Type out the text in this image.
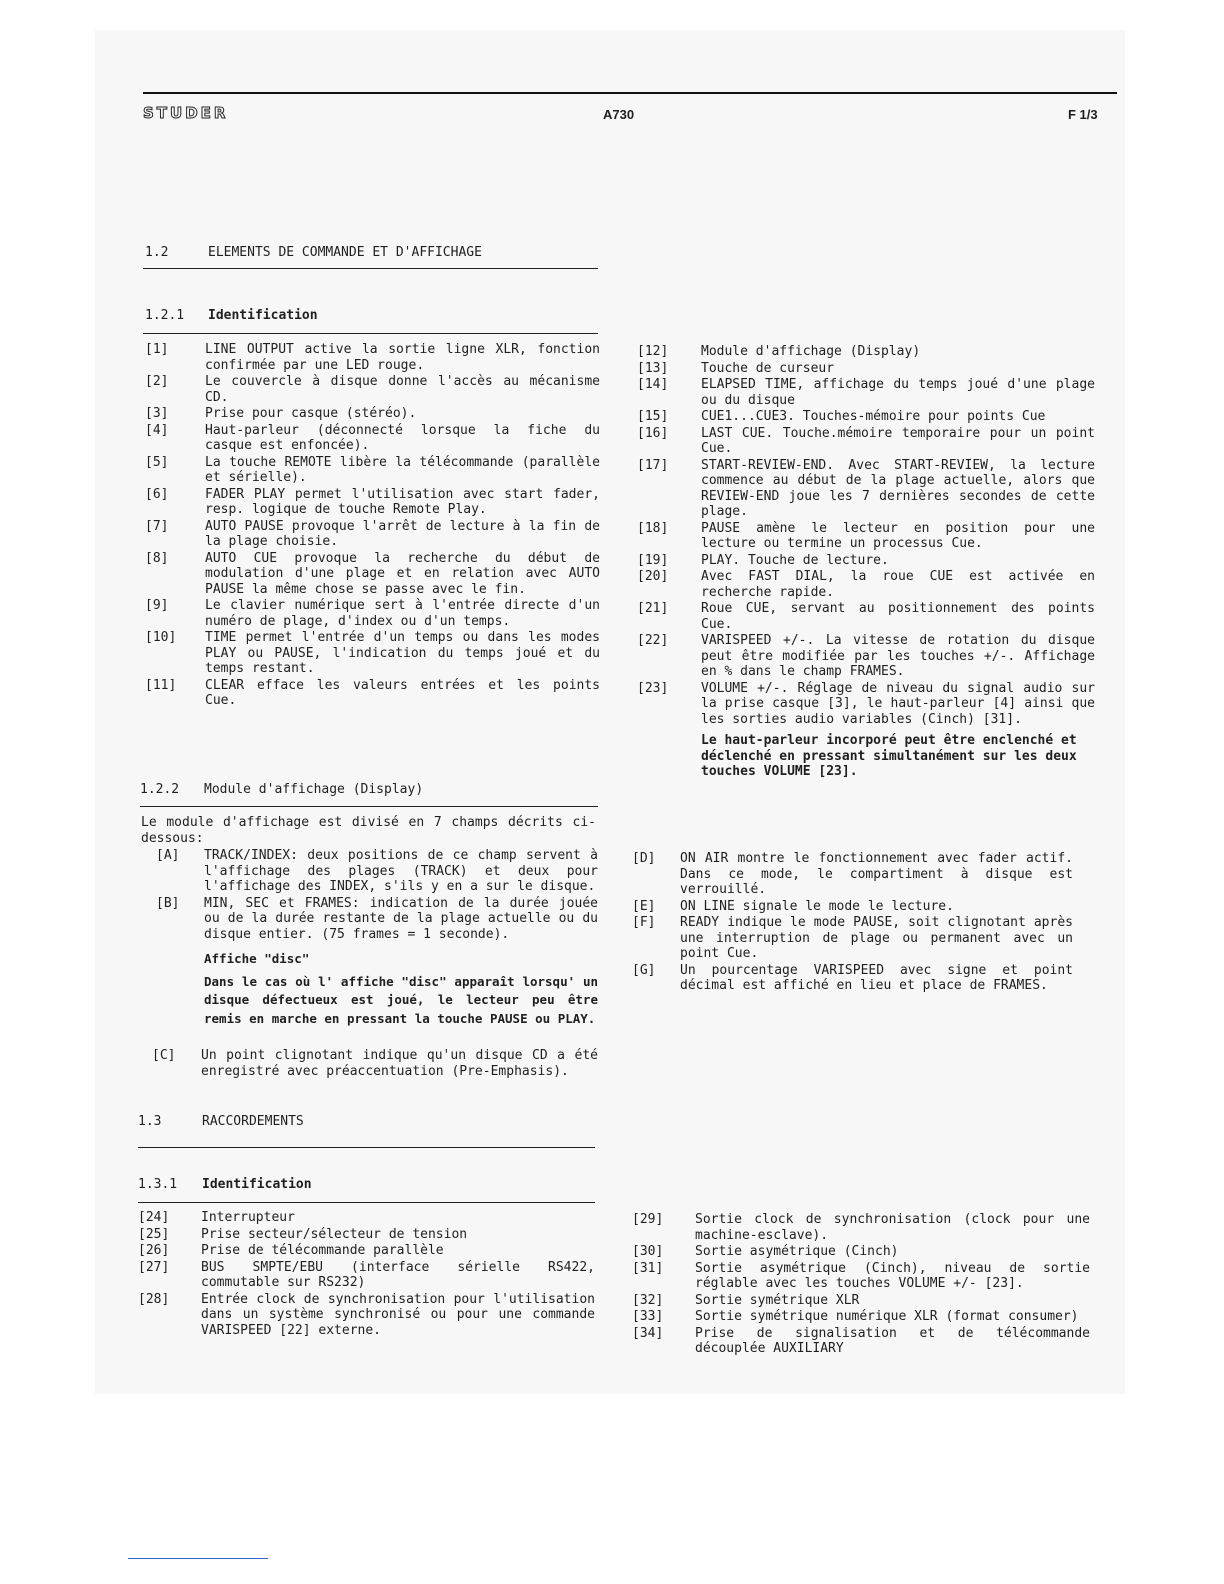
STUDER	A730	F 1/3
1.2	ELEMENTS DE COMMANDE ET D'AFFICHAGE
1.2.1 Identification
[1]	LINE OUTPUT active la sortie ligne XLR, fonction confirmée par une LED rouge.
[2]	Le couvercle à disque donne l'accès au mécanisme CD.
[3]	Prise pour casque (stéréo).
[4]	Haut-parleur (déconnecté lorsque la fiche du casque est enfoncée).
[5]	La touche REMOTE libère la télécommande (parallèle et sérielle).
[6]	FADER PLAY permet l'utilisation avec start fader, resp. logique de touche Remote Play.
[7]	AUTO PAUSE provoque l'arrêt de lecture à la fin de la plage choisie.
[8]	AUTO CUE provoque la recherche du début de modulation d'une plage et en relation avec AUTO PAUSE la même chose se passe avec le fin.
[9]	Le clavier numérique sert à l'entrée directe d'un numéro de plage, d'index ou d'un temps.
[10] TIME permet l'entrée d'un temps ou dans les modes PLAY ou PAUSE, l'indication du temps joué et du temps restant.
[11] CLEAR efface les valeurs entrées et les points Cue.
[12]	Module d'affichage (Display)
[13]	Touche de curseur
[14]	ELAPSED TIME, affichage du temps joué d'une plage ou du disque
[15]	CUE1...CUE3. Touches-mémoire pour points Cue
[16]	LAST CUE. Touche.mémoire temporaire pour un point Cue.
[17]	START-REVIEW-END. Avec START-REVIEW, la lecture commence au début de la plage actuelle, alors que REVIEW-END joue les 7 dernières secondes de cette plage.
[18]	PAUSE amène le lecteur en position pour une lecture ou termine un processus Cue.
[19]	PLAY. Touche de lecture.
[20]	Avec FAST DIAL, la roue CUE est activée en recherche rapide.
[21]	Roue CUE, servant au positionnement des points Cue.
[22]	VARISPEED +/-. La vitesse de rotation du disque peut être modifiée par les touches +/-. Affichage en % dans le champ FRAMES.
[23]	VOLUME +/-. Réglage de niveau du signal audio sur la prise casque [3], le haut-parleur [4] ainsi que les sorties audio variables (Cinch) [31].
Le haut-parleur incorporé peut être enclenché et déclenché en pressant simultanément sur les deux touches VOLUME [23].
1.2.2 Module d'affichage (Display)
Le module d'affichage est divisé en 7 champs décrits ci-dessous:
[A] TRACK/INDEX: deux positions de ce champ servent à l'affichage des plages (TRACK) et deux pour l'affichage des INDEX, s'ils y en a sur le disque.
[B] MIN, SEC et FRAMES: indication de la durée jouée ou de la durée restante de la plage actuelle ou du disque entier. (75 frames = 1 seconde).
Affiche "disc"
Dans le cas où l' affiche "disc" apparaît lorsqu' un disque défectueux est joué, le lecteur peu être remis en marche en pressant la touche PAUSE ou PLAY.
[C] Un point clignotant indique qu'un disque CD a été enregistré avec préaccentuation (Pre-Emphasis).
[D] ON AIR montre le fonctionnement avec fader actif. Dans ce mode, le compartiment à disque est verrouillé.
[E] ON LINE signale le mode le lecture.
[F] READY indique le mode PAUSE, soit clignotant après une interruption de plage ou permanent avec un point Cue.
[G] Un pourcentage VARISPEED avec signe et point décimal est affiché en lieu et place de FRAMES.
1.3	RACCORDEMENTS
1.3.1 Identification
[24] Interrupteur
[25] Prise secteur/sélecteur de tension
[26] Prise de télécommande parallèle
[27] BUS SMPTE/EBU (interface sérielle RS422, commutable sur RS232)
[28] Entrée clock de synchronisation pour l'utilisation dans un système synchronisé ou pour une commande VARISPEED [22] externe.
[29] Sortie clock de synchronisation (clock pour une machine-esclave).
[30] Sortie asymétrique (Cinch)
[31] Sortie asymétrique (Cinch), niveau de sortie réglable avec les touches VOLUME +/- [23].
[32] Sortie symétrique XLR
[33] Sortie symétrique numérique XLR (format consumer)
[34] Prise de signalisation et de télécommande découplée AUXILIARY
